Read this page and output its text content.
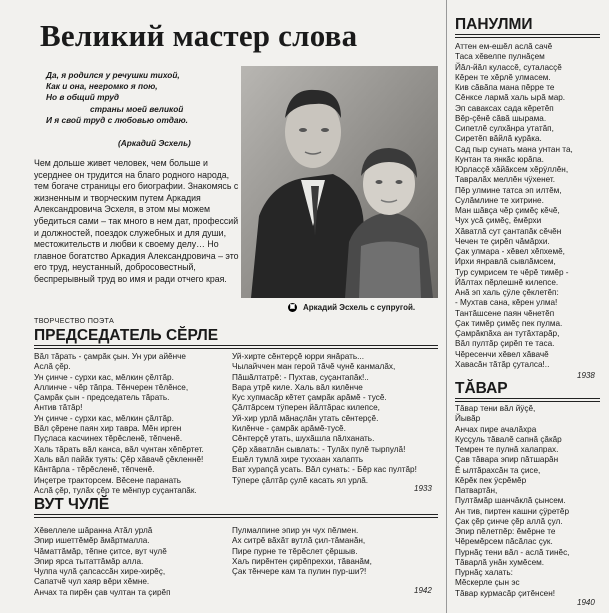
Великий мастер слова
Да, я родился у речушки тихой,
Как и она, негромко я пою,
Но в общий труд
страны моей великой
И я свой труд с любовью отдаю.
(Аркадий Эсхель)
Чем дольше живет человек, чем больше и усерднее он трудится на благо родного народа, тем богаче страницы его биографии. Знакомясь с жизненным и творческим путем Аркадия Александровича Эсхеля, в этом мы можем убедиться сами – так много в нем дат, профессий и должностей, поездок служебных и для души, местожительств и любви к своему делу… Но главное богатство Аркадия Александровича – это его труд, неустанный, добросовестный, беспрерывный труд во имя и ради отчего края.
▣ Аркадий Эсхель с супругой.
ТВОРЧЕСТВО ПОЭТА
ПРЕДСЕДАТЕЛЬ СĔРЛЕ
Вăл тăрать - çамрăк çын. Ун ури айĕнче
Аслă çĕр.
Ун çинче - сурхи кас, мĕлкин çĕлтăр.
Аллинче - чĕр тăпра. Тĕнчерен тĕлĕнсе,
Çамрăк çын - председатель тăрать.
Антив тăтăр!
Ун çинче - сурхи кас, мĕлкин çăлтăр.
Вăл çĕрене паян хир тавра. Мĕн ирген
Пуçласа касчинех тĕрĕсленĕ, тĕпченĕ.
Халь тăрать вăл канса, вăл чунтан хĕпĕртет.
Халь вăл пайăк туять: Çĕр хăвачĕ çĕкленнĕ!
Кăнтăрла - тĕрĕсленĕ, тĕпченĕ.
Инçетре тракторсем. Вĕсене паранать
Аслă çĕр, тулăх çĕр те мĕнпур суçантапăк.
Уй-хирте сĕнтерçĕ юрри янăрать...
Чылайччен ман герой тăчĕ чунĕ канмалăх,
Пăшăлтатрĕ: - Пухтав, суçантапăк!..
Вара утрĕ киле. Халь вăл килĕнче
Кус хупмасăр кĕтет çамрăк арăмĕ - тусĕ.
Çăлтăрсем тÿперен йăлтăрас килепсе,
Уй-хир урлă мăнаçлăн утать сĕнтерçĕ.
Килĕнче - çамрăк арăмĕ-тусĕ.
Сĕнтерçĕ утать, шухăшла пăлханать.
Çĕр хăватлăн сывлать: - Тулăх пулĕ тырпулă!
Ешĕл тумлă хире туххаан халапть
Ват хурапçă усать. Вăл сунать: - Бĕр кас пултăр!
Тÿпере çăлтăр çулĕ касать ял урлă.
1933
ВУТ ЧУЛĔ
Хĕвеллеле шăранна Атăл урлă
Эпир ишеттĕмĕр ăмăртмалла.
Чăматтăмăр, тĕпне çитсе, вут чулĕ
Эпир ярса тытаттăмăр алла.
Чулпа чулă çапсассăн хире-хирĕç,
Сапатчĕ чул хаяр вĕри хĕмне.
Анчах та пирĕн çав чултан та çирĕп
Пулмалпине эпир ун чух пĕлмен.
Ах ситрĕ вăхăт вутлă çил-тăманăн,
Пире пурне те тĕрĕслет çĕршыв.
Хаљ пирĕнтен çирĕпреххи, тăванăм,
Çак тĕнчере кам та пулин пур-ши?!
1942
ПАНУЛМИ
Аттен ем-ешĕл аслă сачĕ
Таса хĕвелпе пулнăçем
Йăл-йăл кулассĕ, суталасçĕ
Кĕрен те хĕрлĕ улмасем.
Кив сăвăпа мана пĕрре те
Сĕнксе лармă халь ырă мар.
Эп саваксах сада кĕретĕп
Вĕр-çĕнĕ сăвă шырама.
Сипетлĕ сулхăнра утатăп,
Сиретĕп вăйлă курăка.
Сад пыр сунать мана унтан та,
Кунтан та янкăс юрăпа.
Юрласçĕ хăйăксем хĕрÿллĕн,
Тавралăх меллĕн чÿхенет.
Пĕр улмине татса эп илтĕм,
Сулăмлине те хитрине.
Ман шăвçа чĕр çимĕç кĕчĕ,
Чух усă çимĕç, ĕмĕрхи
Хăватлă сут çантапăк сĕчĕн
Чечен те çирĕп чăмăрхи.
Çак улмара - хĕвел хĕпхемĕ,
Ирхи янравлă сывлăмсем,
Тур сумрисем те чĕрĕ тимĕр -
Йăлтах пĕрлешнĕ килепсе.
Анă эп халь çÿле çĕклетĕп:
- Мухтав сана, кĕрен улма!
Тантăшсене паян чĕнетĕп
Çак тимĕр çимĕç пек пулма.
Çамрăкпăха ан тутăхтарăр,
Вăл пултăр çирĕп те таса.
Чĕресенчи хĕвел хăвачĕ
Хавасăн тăтăр çуталса!..
1938
ТĂВАР
Тăвар тени вăл йÿçĕ,
Йывăр
Анчах пире ачалăхра
Кусçуль тăвалĕ сапнă çăкăр
Темрен те пулнă халапрах.
Çав тăвара эпир пăтшарăн
Ĕ ылтăрахсăн та çисе,
Кĕрĕк пек ÿсрĕмĕр
Патвартăн,
Пултăмăр шанчăклă çынсем.
Ан тив, пиртен кашни çÿретĕр
Çак çĕр çинче çĕр аллă çул.
Эпир пĕлетпĕр: ĕмĕрне те
Чĕремĕрсем пăсăлас çук.
Пурнăç тени вăл - аслă тинĕс,
Тăварлă унăн хумĕсем.
Пурнăç халать:
Мĕскерле çын эс
Тăвар курмасăр çитĕнсен!
1940
